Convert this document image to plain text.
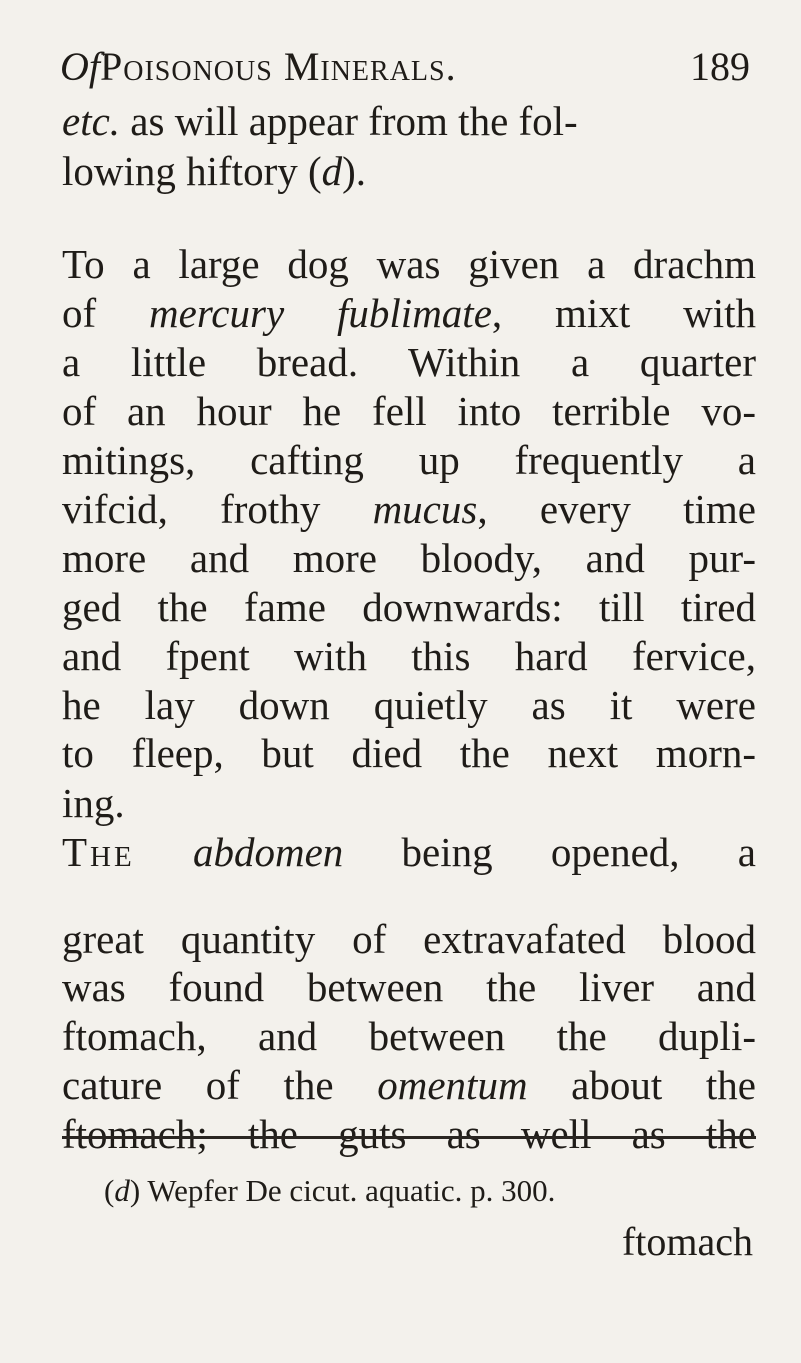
OfPoisonous Minerals.	189
etc. as will appear from the fol-
lowing hiftory (d).
To a large dog was given a drachm
of mercury fublimate, mixt with
a little bread. Within a quarter
of an hour he fell into terrible vo-
mitings, cafting up frequently a
vifcid, frothy mucus, every time
more and more bloody, and pur-
ged the fame downwards: till tired
and fpent with this hard fervice,
he lay down quietly as it were
to fleep, but died the next morn-
ing.
The abdomen being opened, a
great quantity of extravafated blood
was found between the liver and
ftomach, and between the dupli-
cature of the omentum about the
ftomach; the guts as well as the
(d) Wepfer De cicut. aquatic. p. 300.
ftomach
